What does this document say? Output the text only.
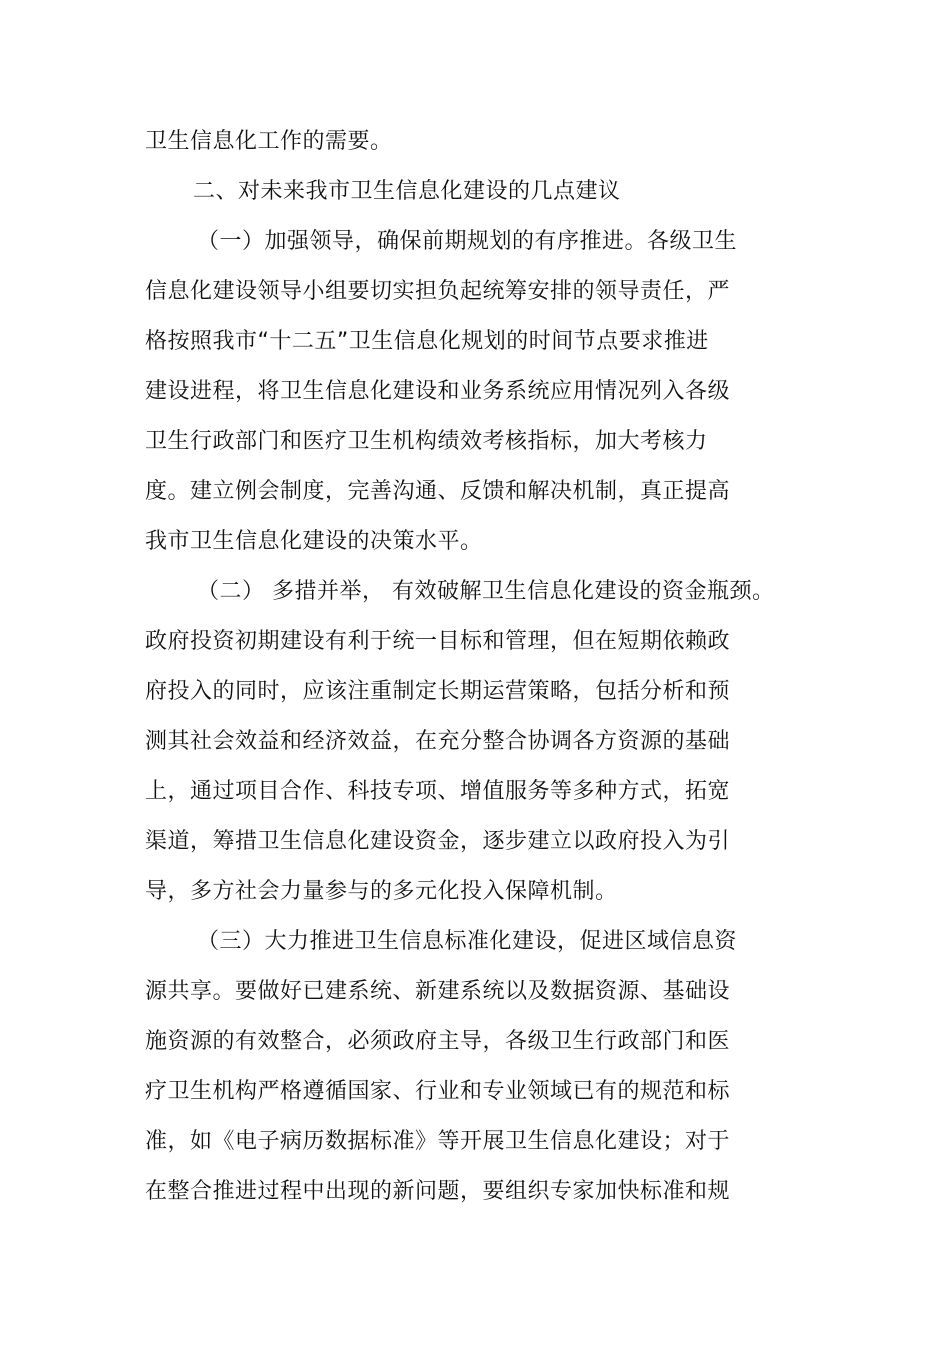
卫生信息化工作的需要。
二、对未来我市卫生信息化建设的几点建议
（一）加强领导，确保前期规划的有序推进。各级卫生
信息化建设领导小组要切实担负起统筹安排的领导责任，严
格按照我市“十二五”卫生信息化规划的时间节点要求推进
建设进程，将卫生信息化建设和业务系统应用情况列入各级
卫生行政部门和医疗卫生机构绩效考核指标，加大考核力
度。建立例会制度，完善沟通、反馈和解决机制，真正提高
我市卫生信息化建设的决策水平。
（二） 多措并举， 有效破解卫生信息化建设的资金瓶颈。
政府投资初期建设有利于统一目标和管理，但在短期依赖政
府投入的同时，应该注重制定长期运营策略，包括分析和预
测其社会效益和经济效益，在充分整合协调各方资源的基础
上，通过项目合作、科技专项、增值服务等多种方式，拓宽
渠道，筹措卫生信息化建设资金，逐步建立以政府投入为引
导，多方社会力量参与的多元化投入保障机制。
（三）大力推进卫生信息标准化建设，促进区域信息资
源共享。要做好已建系统、新建系统以及数据资源、基础设
施资源的有效整合，必须政府主导，各级卫生行政部门和医
疗卫生机构严格遵循国家、行业和专业领域已有的规范和标
准，如《电子病历数据标准》等开展卫生信息化建设；对于
在整合推进过程中出现的新问题，要组织专家加快标准和规
